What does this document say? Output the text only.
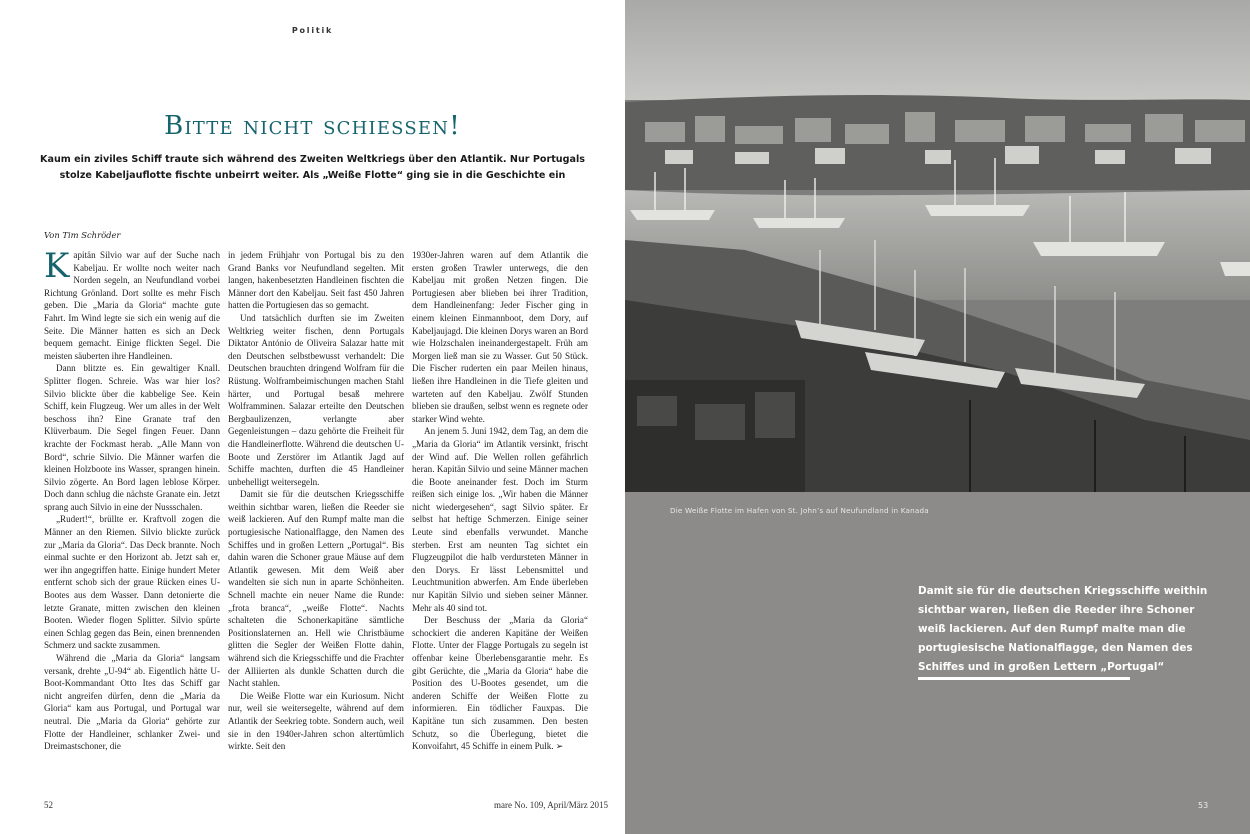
Politik
Bitte nicht schiessen!
Kaum ein ziviles Schiff traute sich während des Zweiten Weltkriegs über den Atlantik. Nur Portugals stolze Kabeljauflotte fischte unbeirrt weiter. Als „Weiße Flotte“ ging sie in die Geschichte ein
Von Tim Schröder

Kapitän Silvio war auf der Suche nach Kabeljau. Er wollte noch weiter nach Norden segeln, an Neufundland vorbei Richtung Grönland. Dort sollte es mehr Fisch geben. Die „Maria da Gloria“ machte gute Fahrt. Im Wind legte sie sich ein wenig auf die Seite. Die Männer hatten es sich an Deck bequem gemacht. Einige flickten Segel. Die meisten säuberten ihre Handleinen.

Dann blitzte es. Ein gewaltiger Knall. Splitter flogen. Schreie. Was war hier los? Silvio blickte über die kabbelige See. Kein Schiff, kein Flugzeug. Wer um alles in der Welt beschoss ihn? Eine Granate traf den Klüverbaum. Die Segel fingen Feuer. Dann krachte der Fockmast herab. „Alle Mann von Bord“, schrie Silvio. Die Männer warfen die kleinen Holzboote ins Wasser, sprangen hinein. Silvio zögerte. An Bord lagen leblose Körper. Doch dann schlug die nächste Granate ein. Jetzt sprang auch Silvio in eine der Nussschalen.

„Rudert!“, brüllte er. Kraftvoll zogen die Männer an den Riemen. Silvio blickte zurück zur „Maria da Gloria“. Das Deck brannte. Noch einmal suchte er den Horizont ab. Jetzt sah er, wer ihn angegriffen hatte. Einige hundert Meter entfernt schob sich der graue Rücken eines U-Bootes aus dem Wasser. Dann detonierte die letzte Granate, mitten zwischen den kleinen Booten. Wieder flogen Splitter. Silvio spürte einen Schlag gegen das Bein, einen brennenden Schmerz und sackte zusammen.

Während die „Maria da Gloria“ langsam versank, drehte „U-94“ ab. Eigentlich hätte U-Boot-Kommandant Otto Ites das Schiff gar nicht angreifen dürfen, denn die „Maria da Gloria“ kam aus Portugal, und Portugal war neutral. Die „Maria da Gloria“ gehörte zur Flotte der Handleiner, schlanker Zwei- und Dreimastschoner, die

in jedem Frühjahr von Portugal bis zu den Grand Banks vor Neufundland segelten. Mit langen, hakenbesetzten Handleinen fischten die Männer dort den Kabeljau. Seit fast 450 Jahren hatten die Portugiesen das so gemacht.

Und tatsächlich durften sie im Zweiten Weltkrieg weiter fischen, denn Portugals Diktator António de Oliveira Salazar hatte mit den Deutschen selbstbewusst verhandelt: Die Deutschen brauchten dringend Wolfram für die Rüstung. Wolframbeimischungen machen Stahl härter, und Portugal besaß mehrere Wolframminen. Salazar erteilte den Deutschen Bergbaulizenzen, verlangte aber Gegenleistungen – dazu gehörte die Freiheit für die Handleinerflotte. Während die deutschen U-Boote und Zerstörer im Atlantik Jagd auf Schiffe machten, durften die 45 Handleiner unbehelligt weitersegeln.

Damit sie für die deutschen Kriegsschiffe weithin sichtbar waren, ließen die Reeder sie weiß lackieren. Auf den Rumpf malte man die portugiesische Nationalflagge, den Namen des Schiffes und in großen Lettern „Portugal“. Bis dahin waren die Schoner graue Mäuse auf dem Atlantik gewesen. Mit dem Weiß aber wandelten sie sich nun in aparte Schönheiten. Schnell machte ein neuer Name die Runde: „frota branca“, „weiße Flotte“. Nachts schalteten die Schonerkapitäne sämtliche Positionslaternen an. Hell wie Christbäume glitten die Segler der Weißen Flotte dahin, während sich die Kriegsschiffe und die Frachter der Alliierten als dunkle Schatten durch die Nacht stahlen.

Die Weiße Flotte war ein Kuriosum. Nicht nur, weil sie weitersegelte, während auf dem Atlantik der Seekrieg tobte. Sondern auch, weil sie in den 1940er-Jahren schon altertümlich wirkte. Seit den

1930er-Jahren waren auf dem Atlantik die ersten großen Trawler unterwegs, die den Kabeljau mit großen Netzen fingen. Die Portugiesen aber blieben bei ihrer Tradition, dem Handleinenfang: Jeder Fischer ging in einem kleinen Einmannboot, dem Dory, auf Kabeljaujagd. Die kleinen Dorys waren an Bord wie Holzschalen ineinandergestapelt. Früh am Morgen ließ man sie zu Wasser. Gut 50 Stück. Die Fischer ruderten ein paar Meilen hinaus, ließen ihre Handleinen in die Tiefe gleiten und warteten auf den Kabeljau. Zwölf Stunden blieben sie draußen, selbst wenn es regnete oder starker Wind wehte.

An jenem 5. Juni 1942, dem Tag, an dem die „Maria da Gloria“ im Atlantik versinkt, frischt der Wind auf. Die Wellen rollen gefährlich heran. Kapitän Silvio und seine Männer machen die Boote aneinander fest. Doch im Sturm reißen sich einige los. „Wir haben die Männer nicht wiedergesehen“, sagt Silvio später. Er selbst hat heftige Schmerzen. Einige seiner Leute sind ebenfalls verwundet. Manche sterben. Erst am neunten Tag sichtet ein Flugzeugpilot die halb verdursteten Männer in den Dorys. Er lässt Lebensmittel und Leuchtmunition abwerfen. Am Ende überleben nur Kapitän Silvio und sieben seiner Männer. Mehr als 40 sind tot.

Der Beschuss der „Maria da Gloria“ schockiert die anderen Kapitäne der Weißen Flotte. Unter der Flagge Portugals zu segeln ist offenbar keine Überlebensgarantie mehr. Es gibt Gerüchte, die „Maria da Gloria“ habe die Position des U-Bootes gesendet, um die anderen Schiffe der Weißen Flotte zu informieren. Ein tödlicher Fauxpas. Die Kapitäne tun sich zusammen. Den besten Schutz, so die Überlegung, bietet die Konvoifahrt, 45 Schiffe in einem Pulk. ➢

52	mare No. 109, April/März 2015
Die Weiße Flotte im Hafen von St. John’s auf Neufundland in Kanada
Damit sie für die deutschen Kriegsschiffe weithin sichtbar waren, ließen die Reeder ihre Schoner weiß lackieren. Auf den Rumpf malte man die portugiesische Nationalflagge, den Namen des Schiffes und in großen Lettern „Portugal“
53
